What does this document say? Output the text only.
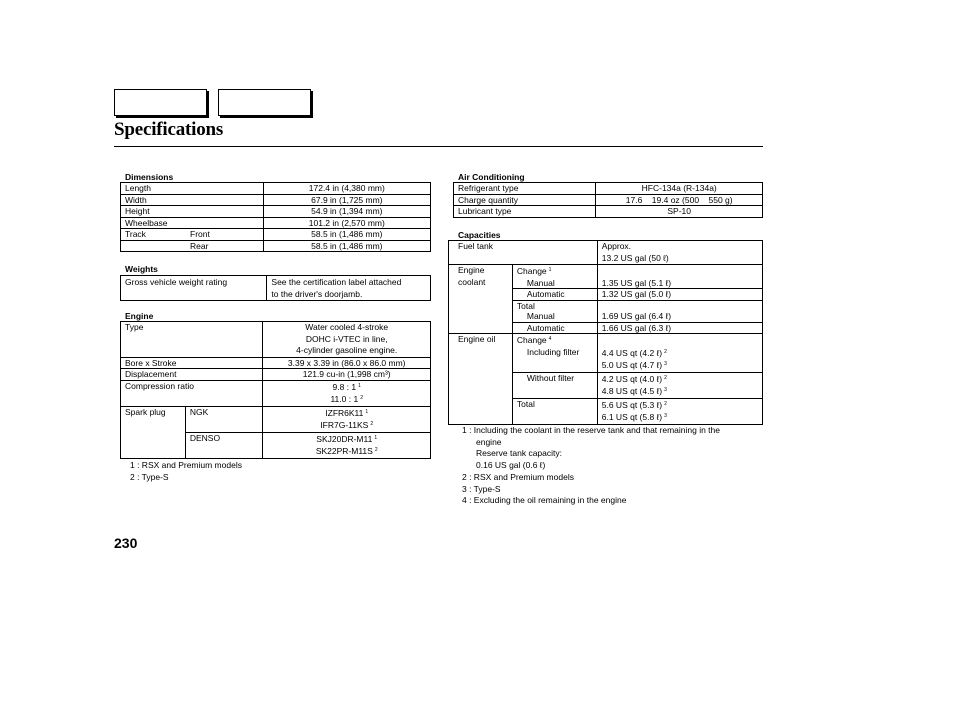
Specifications
Dimensions
Length	172.4 in (4,380 mm)
Width	67.9 in (1,725 mm)
Height	54.9 in (1,394 mm)
Wheelbase	101.2 in (2,570 mm)
Track Front	58.5 in (1,486 mm)
Rear	58.5 in (1,486 mm)
Weights
Gross vehicle weight rating	See the certification label attached
to the driver's doorjamb.
Engine
Type		Water cooled 4-stroke
DOHC i-VTEC in line,
4-cylinder gasoline engine.

Bore x Stroke		3.39 x 3.39 in (86.0 x 86.0 mm)
Displacement		121.9 cu-in (1,998 cm³)
Compression ratio		9.8 : 1 $^1$
11.0 : 1 $^2$

Spark plug	NGK	IZFR6K11 $^1$
IFR7G-11KS $^2$

	DENSO	SKJ20DR-M11 $^1$
SK22PR-M11S $^2$
1 : RSX and Premium models
2 : Type-S
230
Air Conditioning
Refrigerant type	HFC-134a (R-134a)
Charge quantity	17.6    19.4 oz (500    550 g)
Lubricant type	SP-10
Capacities
Fuel tank		Approx.
13.2 US gal (50 ℓ)

Engine
coolant	Change $^1$	
	Manual	1.35 US gal (5.1 ℓ)
	Automatic	1.32 US gal (5.0 ℓ)
	Total	
	Manual	1.69 US gal (6.4 ℓ)
	Automatic	1.66 US gal (6.3 ℓ)
Engine oil	Change $^4$	
	Including filter	4.4 US qt (4.2 ℓ) $^2$
5.0 US qt (4.7 ℓ) $^3$

	Without filter	4.2 US qt (4.0 ℓ) $^2$
4.8 US qt (4.5 ℓ) $^3$

	Total	5.6 US qt (5.3 ℓ) $^2$
6.1 US qt (5.8 ℓ) $^3$
1 : Including the coolant in the reserve tank and that remaining in the
engine
Reserve tank capacity:
0.16 US gal (0.6 ℓ)
2 : RSX and Premium models
3 : Type-S
4 : Excluding the oil remaining in the engine
